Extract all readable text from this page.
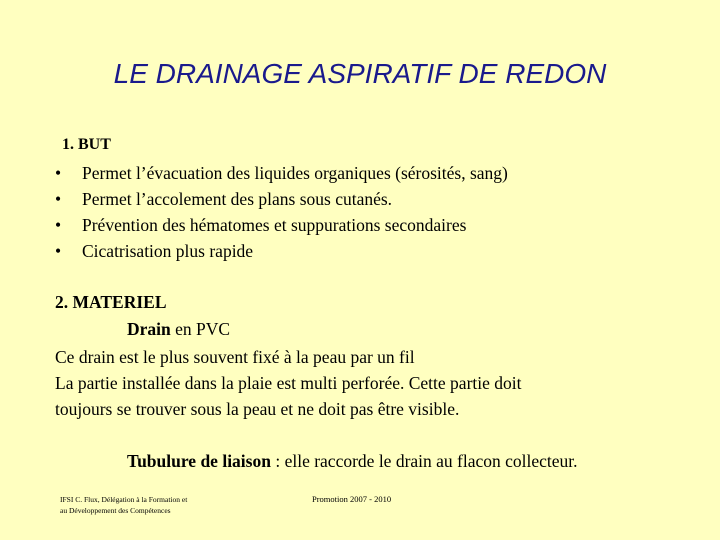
LE DRAINAGE ASPIRATIF DE REDON
1. BUT
• Permet l’évacuation des liquides organiques (sérosités, sang)
• Permet l’accolement des plans sous cutanés.
• Prévention des hématomes et suppurations secondaires
• Cicatrisation plus rapide
2. MATERIEL
Drain en PVC
Ce drain est le plus souvent fixé à la peau par un fil
La partie installée dans la plaie est multi perforée. Cette partie doit
toujours se trouver sous la peau et ne doit pas être visible.
Tubulure de liaison : elle raccorde le drain au flacon collecteur.
IFSI C. Flux, Délégation à la Formation et
au Développement des Compétences
Promotion 2007 - 2010
